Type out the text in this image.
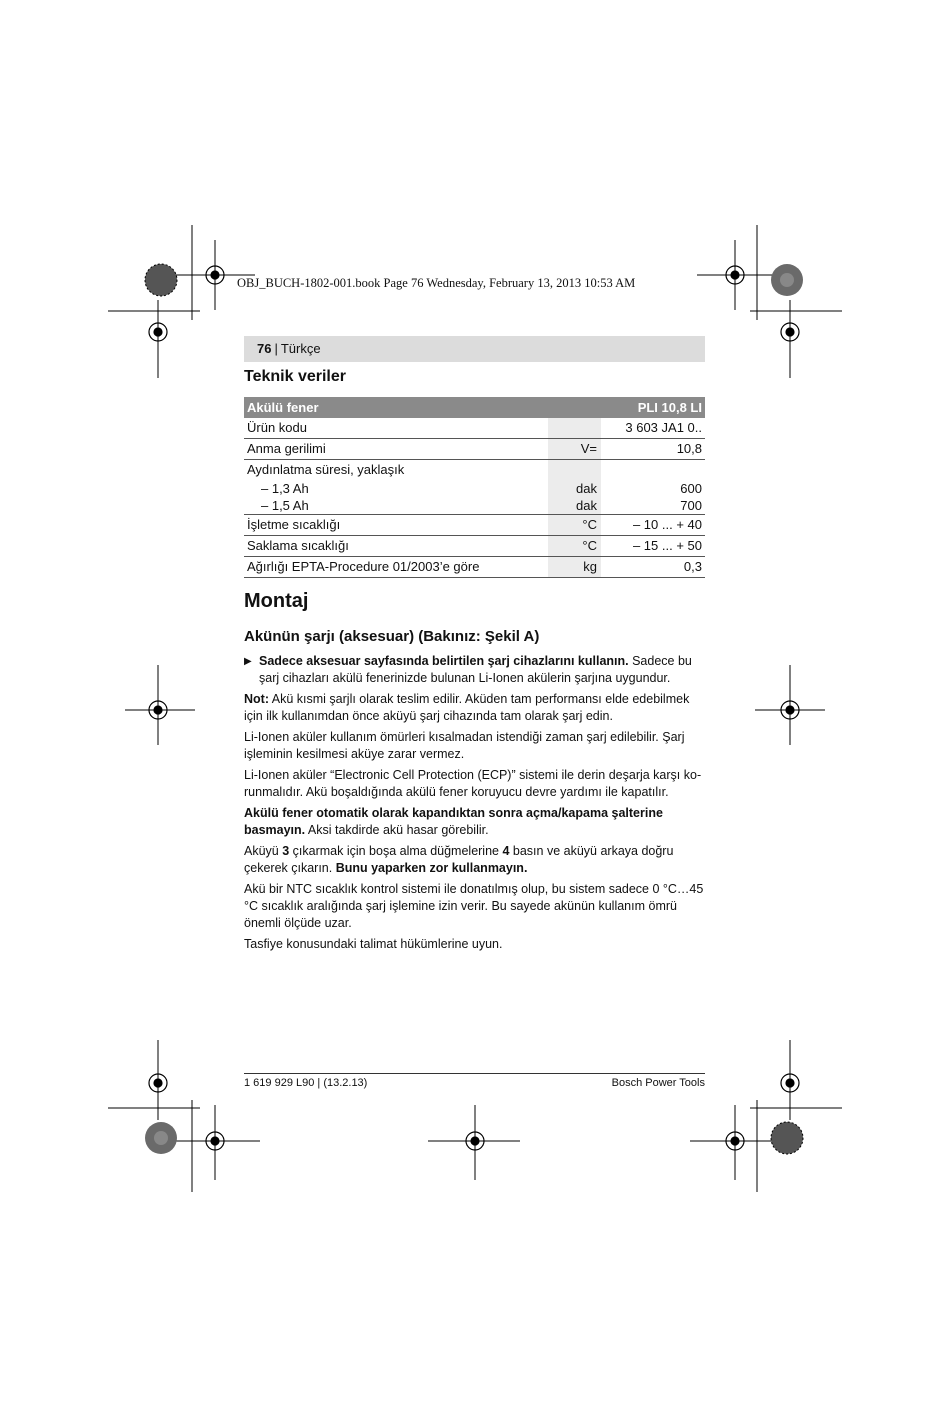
OBJ_BUCH-1802-001.book Page 76 Wednesday, February 13, 2013 10:53 AM
76 | Türkçe
Teknik veriler
Akülü fener		PLI 10,8 LI
Ürün kodu		3 603 JA1 0..
Anma gerilimi	V=	10,8
Aydınlatma süresi, yaklaşık		
– 1,3 Ah	dak	600
– 1,5 Ah	dak	700
İşletme sıcaklığı	°C	– 10 ... + 40
Saklama sıcaklığı	°C	– 15 ... + 50
Ağırlığı EPTA-Procedure 01/2003’e göre	kg	0,3
Montaj
Akünün şarjı (aksesuar) (Bakınız: Şekil A)

▶ Sadece aksesuar sayfasında belirtilen şarj cihazlarını kullanın. Sadece bu şarj cihazları akülü fenerinizde bulunan Li-Ionen akülerin şarjına uygundur.

Not: Akü kısmi şarjlı olarak teslim edilir. Aküden tam performansı elde edebilmek için ilk kullanımdan önce aküyü şarj cihazında tam olarak şarj edin.

Li-Ionen aküler kullanım ömürleri kısalmadan istendiği zaman şarj edilebilir. Şarj işleminin kesilmesi aküye zarar vermez.

Li-Ionen aküler “Electronic Cell Protection (ECP)” sistemi ile derin deşarja karşı korunmalıdır. Akü boşaldığında akülü fener koruyucu devre yardımı ile kapatılır.

Akülü fener otomatik olarak kapandıktan sonra açma/kapama şalterine basmayın. Aksi takdirde akü hasar görebilir.

Aküyü 3 çıkarmak için boşa alma düğmelerine 4 basın ve aküyü arkaya doğru çekerek çıkarın. Bunu yaparken zor kullanmayın.

Akü bir NTC sıcaklık kontrol sistemi ile donatılmış olup, bu sistem sadece 0 °C…45 °C sıcaklık aralığında şarj işlemine izin verir. Bu sayede akünün kullanım ömrü önemli ölçüde uzar.

Tasfiye konusundaki talimat hükümlerine uyun.

1 619 929 L90 | (13.2.13)	Bosch Power Tools
